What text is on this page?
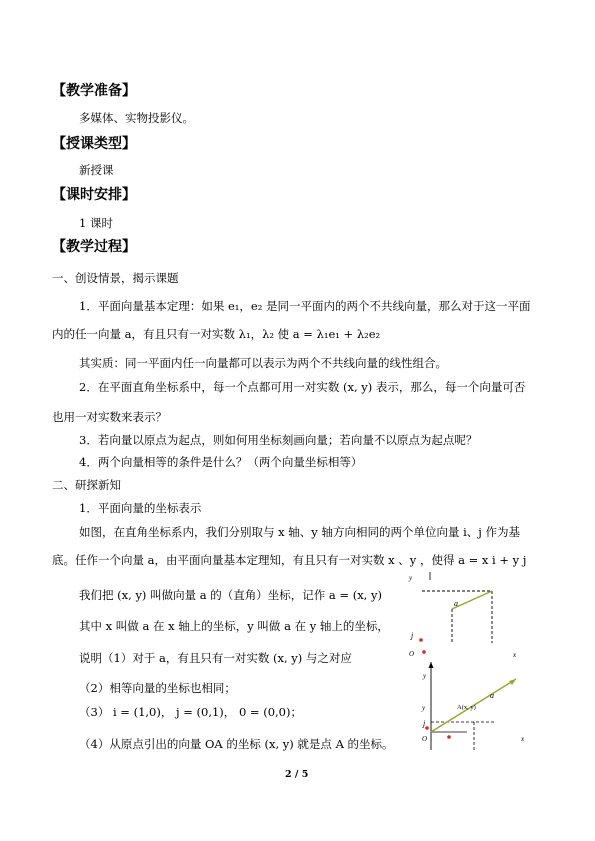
【教学准备】
多媒体、实物投影仪。
【授课类型】
新授课
【课时安排】
1 课时
【教学过程】
一、创设情景，揭示课题
1．平面向量基本定理：如果 e₁，e₂ 是同一平面内的两个不共线向量，那么对于这一平面
内的任一向量 a，有且只有一对实数 λ₁，λ₂ 使 a = λ₁e₁ + λ₂e₂
其实质：同一平面内任一向量都可以表示为两个不共线向量的线性组合。
2．在平面直角坐标系中，每一个点都可用一对实数 (x, y) 表示，那么，每一个向量可否
也用一对实数来表示？
3．若向量以原点为起点，则如何用坐标刻画向量；若向量不以原点为起点呢？
4．两个向量相等的条件是什么？（两个向量坐标相等）
二、研探新知
1．平面向量的坐标表示
如图，在直角坐标系内，我们分别取与 x 轴、y 轴方向相同的两个单位向量 i、j 作为基
底。任作一个向量 a，由平面向量基本定理知，有且只有一对实数 x 、y ，使得 a = x i + y j
我们把 (x, y) 叫做向量 a 的（直角）坐标，记作 a = (x, y)
其中 x 叫做 a 在 x 轴上的坐标，y 叫做 a 在 y 轴上的坐标，
说明（1）对于 a，有且只有一对实数 (x, y) 与之对应
（2）相等向量的坐标也相同；
（3） i = (1,0)， j = (0,1)， 0 = (0,0)；
（4）从原点引出的向量 OA 的坐标 (x, y) 就是点 A 的坐标。
y
a
j
O	x
y
a
A(x, y)
y
j
O	x
2 / 5
